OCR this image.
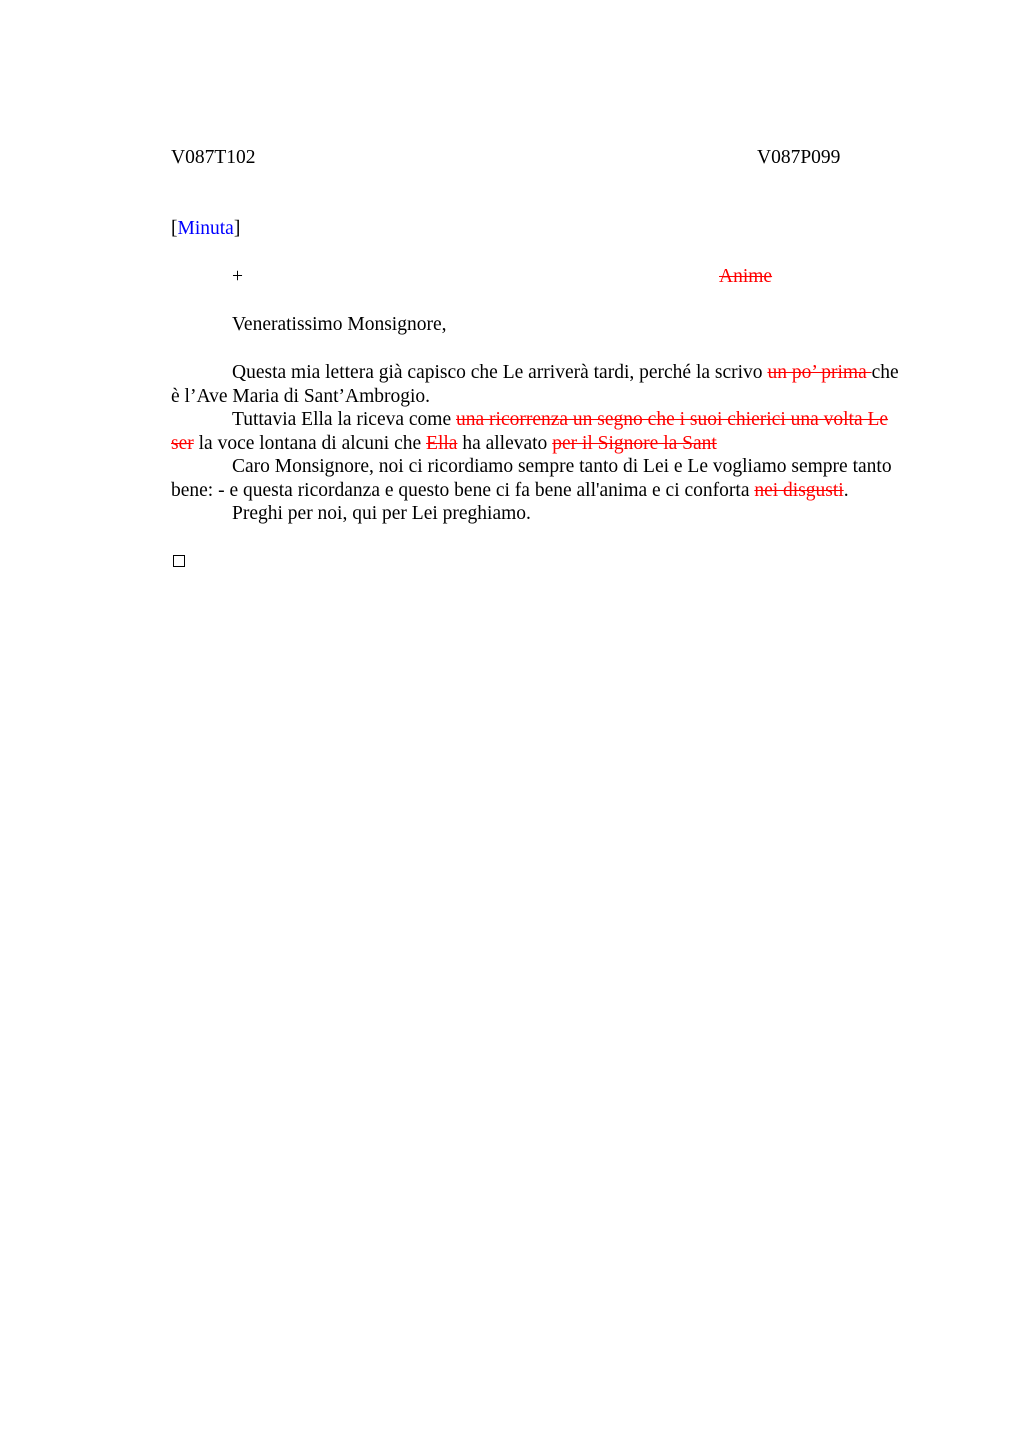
V087T102	V087P099
[Minuta]
+	Anime
Veneratissimo Monsignore,
Questa mia lettera già capisco che Le arriverà tardi, perché la scrivo un po’ prima che è l’Ave Maria di Sant’Ambrogio.
Tuttavia Ella la riceva come una ricorrenza un segno che i suoi chierici una volta Le ser la voce lontana di alcuni che Ella ha allevato per il Signore la Sant
Caro Monsignore, noi ci ricordiamo sempre tanto di Lei e Le vogliamo sempre tanto bene: - e questa ricordanza e questo bene ci fa bene all'anima e ci conforta nei disgusti.
Preghi per noi, qui per Lei preghiamo.
